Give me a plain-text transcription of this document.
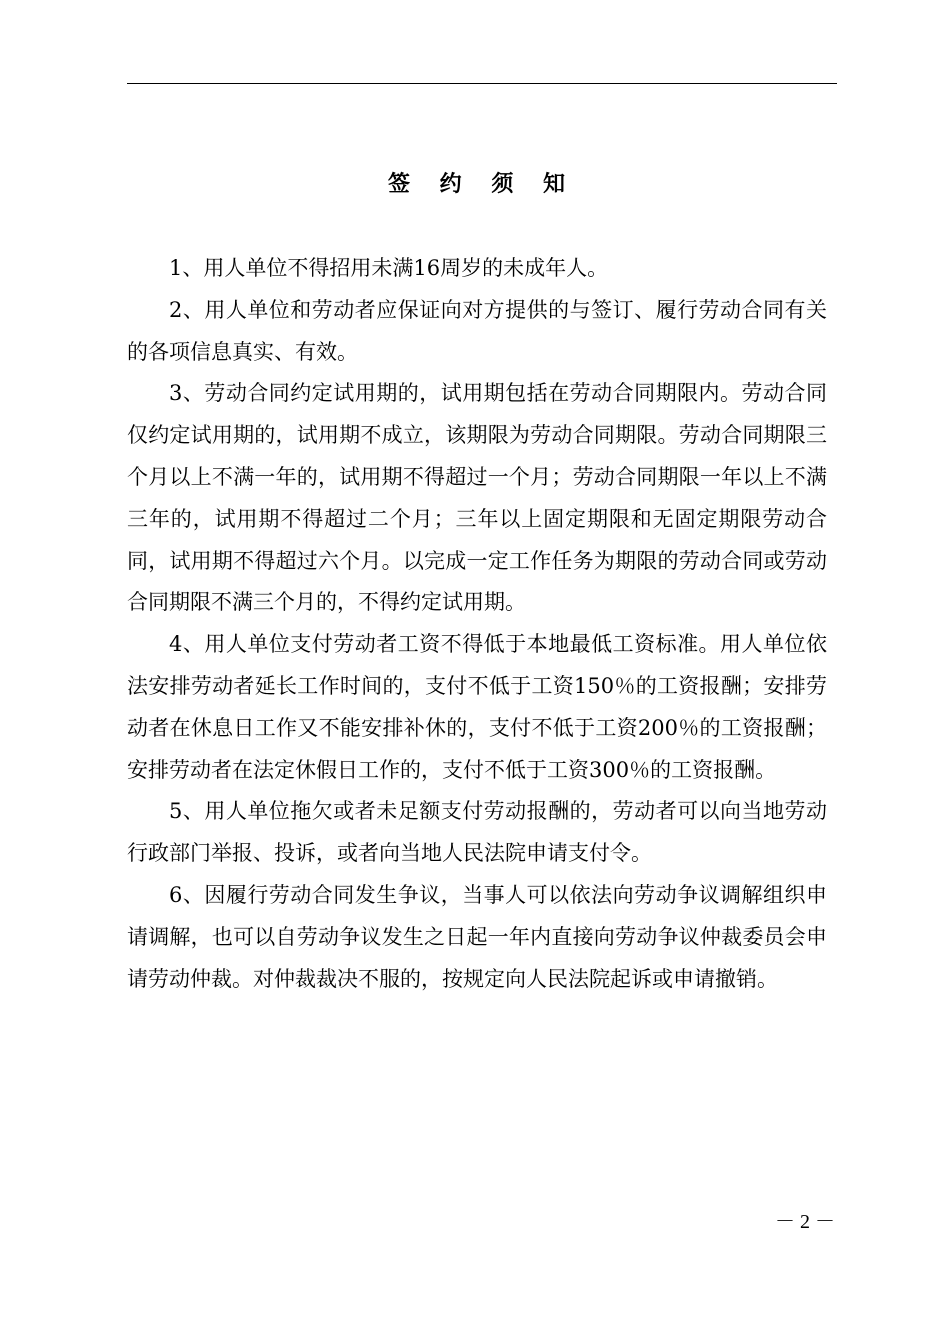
签 约 须 知

1、用人单位不得招用未满16周岁的未成年人。

2、用人单位和劳动者应保证向对方提供的与签订、履行劳动合同有关的各项信息真实、有效。

3、劳动合同约定试用期的，试用期包括在劳动合同期限内。劳动合同仅约定试用期的，试用期不成立，该期限为劳动合同期限。劳动合同期限三个月以上不满一年的，试用期不得超过一个月；劳动合同期限一年以上不满三年的，试用期不得超过二个月；三年以上固定期限和无固定期限劳动合同，试用期不得超过六个月。以完成一定工作任务为期限的劳动合同或劳动合同期限不满三个月的，不得约定试用期。

4、用人单位支付劳动者工资不得低于本地最低工资标准。用人单位依法安排劳动者延长工作时间的，支付不低于工资150％的工资报酬；安排劳动者在休息日工作又不能安排补休的，支付不低于工资200％的工资报酬；安排劳动者在法定休假日工作的，支付不低于工资300％的工资报酬。

5、用人单位拖欠或者未足额支付劳动报酬的，劳动者可以向当地劳动行政部门举报、投诉，或者向当地人民法院申请支付令。

6、因履行劳动合同发生争议，当事人可以依法向劳动争议调解组织申请调解，也可以自劳动争议发生之日起一年内直接向劳动争议仲裁委员会申请劳动仲裁。对仲裁裁决不服的，按规定向人民法院起诉或申请撤销。

－ 2 －
